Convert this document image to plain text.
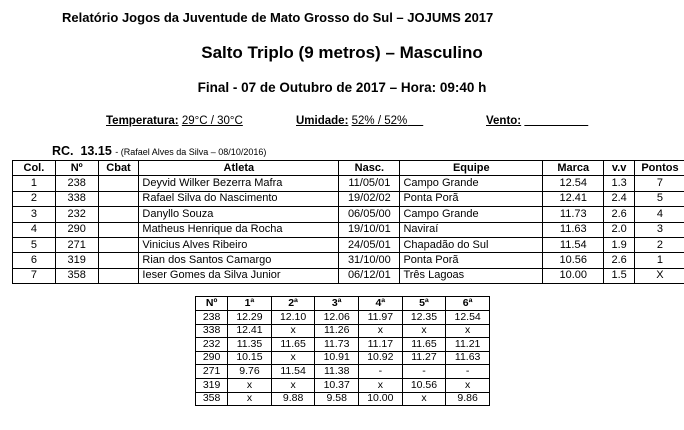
Relatório Jogos da Juventude de Mato Grosso do Sul – JOJUMS 2017
Salto Triplo (9 metros) – Masculino
Final - 07 de Outubro de 2017 – Hora: 09:40 h
Temperatura: 29°C / 30°C	Umidade: 52% / 52%	Vento:
RC. 13.15 - (Rafael Alves da Silva – 08/10/2016)
Col.	Nº	Cbat	Atleta	Nasc.	Equipe	Marca	v.v	Pontos
1	238		Deyvid Wilker Bezerra Mafra	11/05/01	Campo Grande	12.54	1.3	7
2	338		Rafael Silva do Nascimento	19/02/02	Ponta Porã	12.41	2.4	5
3	232		Danyllo Souza	06/05/00	Campo Grande	11.73	2.6	4
4	290		Matheus Henrique da Rocha	19/10/01	Naviraí	11.63	2.0	3
5	271		Vinicius Alves Ribeiro	24/05/01	Chapadão do Sul	11.54	1.9	2
6	319		Rian dos Santos Camargo	31/10/00	Ponta Porã	10.56	2.6	1
7	358		Ieser Gomes da Silva Junior	06/12/01	Três Lagoas	10.00	1.5	X
Nº	1ª	2ª	3ª	4ª	5ª	6ª
238	12.29	12.10	12.06	11.97	12.35	12.54
338	12.41	x	11.26	x	x	x
232	11.35	11.65	11.73	11.17	11.65	11.21
290	10.15	x	10.91	10.92	11.27	11.63
271	9.76	11.54	11.38	-	-	-
319	x	x	10.37	x	10.56	x
358	x	9.88	9.58	10.00	x	9.86
